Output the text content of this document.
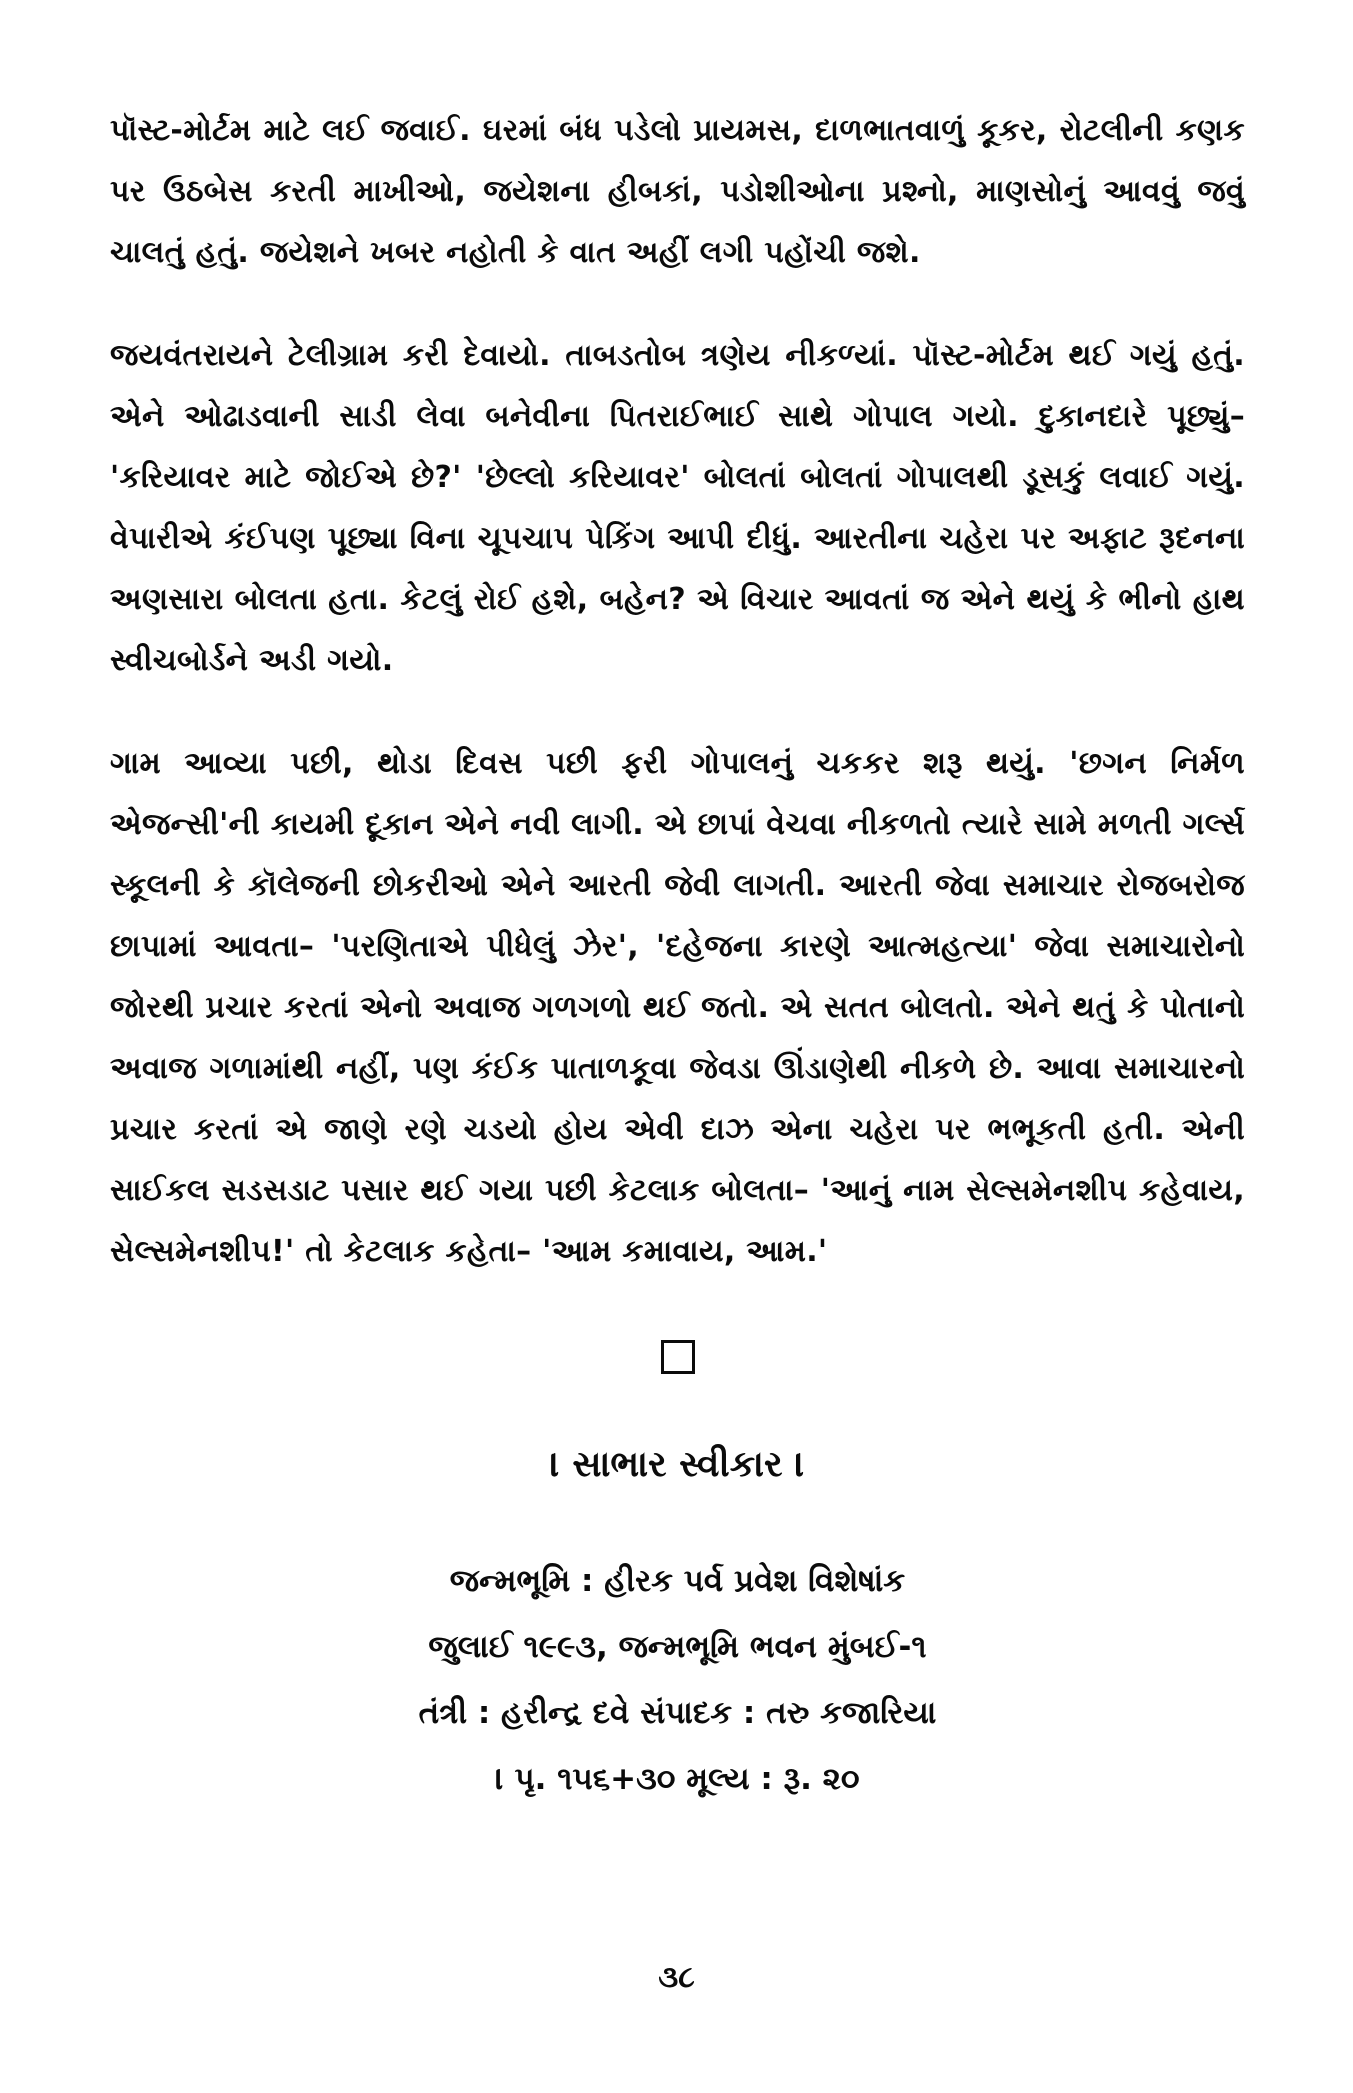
પૉસ્ટ-મોર્ટમ માટે લઈ જવાઈ. ઘરમાં બંધ પડેલો પ્રાયમસ, દાળભાતવાળું કૂકર, રોટલીની કણક પર ઉઠબેસ કરતી માખીઓ, જયેશના હીબકાં, પડોશીઓના પ્રશ્નો, માણસોનું આવવું જવું ચાલતું હતું. જયેશને ખબર નહોતી કે વાત અહીં લગી પહોંચી જશે.

જયવંતરાયને ટેલીગ્રામ કરી દેવાયો. તાબડતોબ ત્રણેય નીકળ્યાં. પૉસ્ટ-મોર્ટમ થઈ ગયું હતું. એને ઓઢાડવાની સાડી લેવા બનેવીના પિતરાઈભાઈ સાથે ગોપાલ ગયો. દુકાનદારે પૂછ્યું– 'કરિયાવર માટે જોઈએ છે?' 'છેલ્લો કરિયાવર' બોલતાં બોલતાં ગોપાલથી ડૂસકું લવાઈ ગયું. વેપારીએ કંઈપણ પૂછ્યા વિના ચૂપચાપ પેકિંગ આપી દીધું. આરતીના ચહેરા પર અફાટ રૂદનના અણસારા બોલતા હતા. કેટલું રોઈ હશે, બહેન? એ વિચાર આવતાં જ એને થયું કે ભીનો હાથ સ્વીચબોર્ડને અડી ગયો.

ગામ આવ્યા પછી, થોડા દિવસ પછી ફરી ગોપાલનું ચકકર શરૂ થયું. 'છગન નિર્મળ એજન્સી'ની કાયમી દૂકાન એને નવી લાગી. એ છાપાં વેચવા નીકળતો ત્યારે સામે મળતી ગર્લ્સ સ્કૂલની કે કૉલેજની છોકરીઓ એને આરતી જેવી લાગતી. આરતી જેવા સમાચાર રોજબરોજ છાપામાં આવતા– 'પરણિતાએ પીધેલું ઝેર', 'દહેજના કારણે આત્મહત્યા' જેવા સમાચારોનો જોરથી પ્રચાર કરતાં એનો અવાજ ગળગળો થઈ જતો. એ સતત બોલતો. એને થતું કે પોતાનો અવાજ ગળામાંથી નહીં, પણ કંઈક પાતાળકૂવા જેવડા ઊંડાણેથી નીકળે છે. આવા સમાચારનો પ્રચાર કરતાં એ જાણે રણે ચડયો હોય એવી દાઝ એના ચહેરા પર ભભૂકતી હતી. એની સાઈકલ સડસડાટ પસાર થઈ ગયા પછી કેટલાક બોલતા– 'આનું નામ સેલ્સમેનશીપ કહેવાય, સેલ્સમેનશીપ!' તો કેટલાક કહેતા– 'આમ કમાવાય, આમ.'

। સાભાર સ્વીકાર ।
જન્મભૂમિ : હીરક પર્વ પ્રવેશ વિશેષાંક
જુલાઈ ૧૯૯૩, જન્મભૂમિ ભવન મુંબઈ-૧
તંત્રી : હરીન્દ્ર દવે સંપાદક : તરુ કજારિયા
। પૃ. ૧૫૬+૩૦ મૂલ્ય : રૂ. ૨૦
૩૮
